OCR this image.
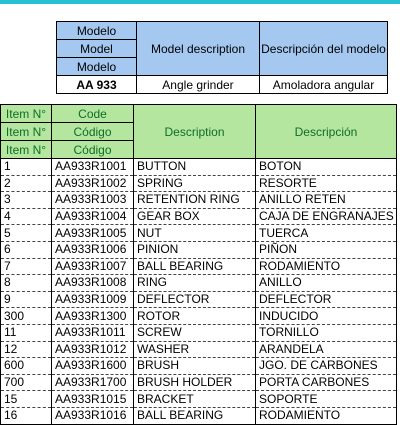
Modelo	Model description	Descripción del modelo
Model		
Modelo		
AA 933	Angle grinder	Amoladora angular
Item N°	Code	Description	Descripción
Item N°	Código		
Item N°	Código		
1	AA933R1001	BUTTON	BOTON
2	AA933R1002	SPRING	RESORTE
3	AA933R1003	RETENTION RING	ANILLO RETEN
4	AA933R1004	GEAR BOX	CAJA DE ENGRANAJES
5	AA933R1005	NUT	TUERCA
6	AA933R1006	PINION	PIÑON
7	AA933R1007	BALL BEARING	RODAMIENTO
8	AA933R1008	RING	ANILLO
9	AA933R1009	DEFLECTOR	DEFLECTOR
300	AA933R1300	ROTOR	INDUCIDO
11	AA933R1011	SCREW	TORNILLO
12	AA933R1012	WASHER	ARANDELA
600	AA933R1600	BRUSH	JGO. DE CARBONES
700	AA933R1700	BRUSH HOLDER	PORTA CARBONES
15	AA933R1015	BRACKET	SOPORTE
16	AA933R1016	BALL BEARING	RODAMIENTO
